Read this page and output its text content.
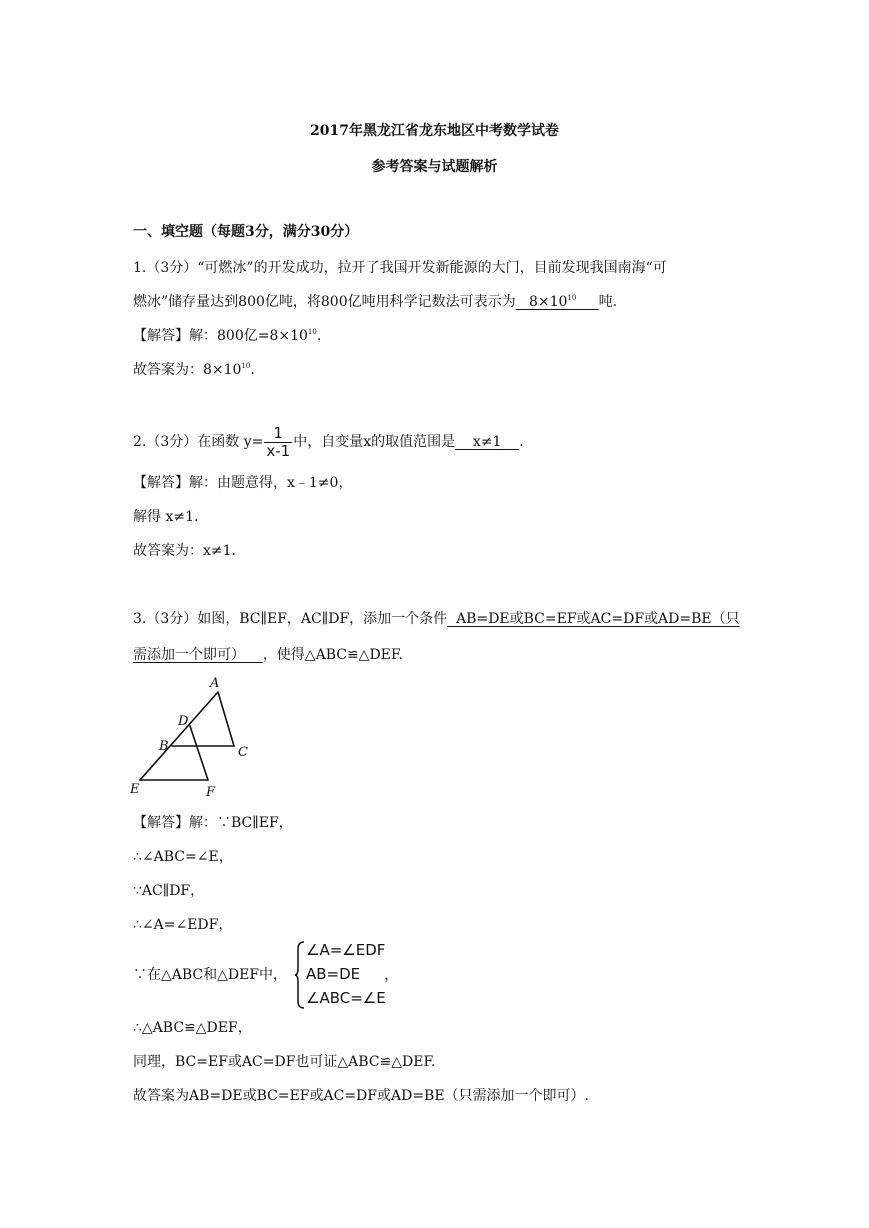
2017年黑龙江省龙东地区中考数学试卷
参考答案与试题解析
一、填空题（每题3分，满分30分）
1.（3分）“可燃冰”的开发成功，拉开了我国开发新能源的大门，目前发现我国南海“可
燃冰”储存量达到800亿吨，将800亿吨用科学记数法可表示为 $8\times 10^{10}$ 吨.
【解答】解：800亿$=8\times 10^{10}$.
故答案为：$8\times 10^{10}$.
2.（3分）在函数 $y= \frac{1}{x-1}$ 中，自变量x的取值范围是 x≠1 .
【解答】解：由题意得，x﹣1≠0，
解得 x≠1.
故答案为：x≠1.
3.（3分）如图，BC∥EF，AC∥DF，添加一个条件 AB=DE或BC=EF或AC=DF或AD=BE（只
需添加一个即可） ，使得△ABC≌△DEF.
A
D
B	C
E	F
【解答】解：∵BC∥EF，
∴∠ABC=∠E，
∵AC∥DF，
∴∠A=∠EDF，
∵在△ABC和△DEF中，
∠A=∠EDF
AB=DE
∠ABC=∠E
，
∴△ABC≌△DEF，
同理，BC=EF或AC=DF也可证△ABC≌△DEF.
故答案为AB=DE或BC=EF或AC=DF或AD=BE（只需添加一个即可）.
